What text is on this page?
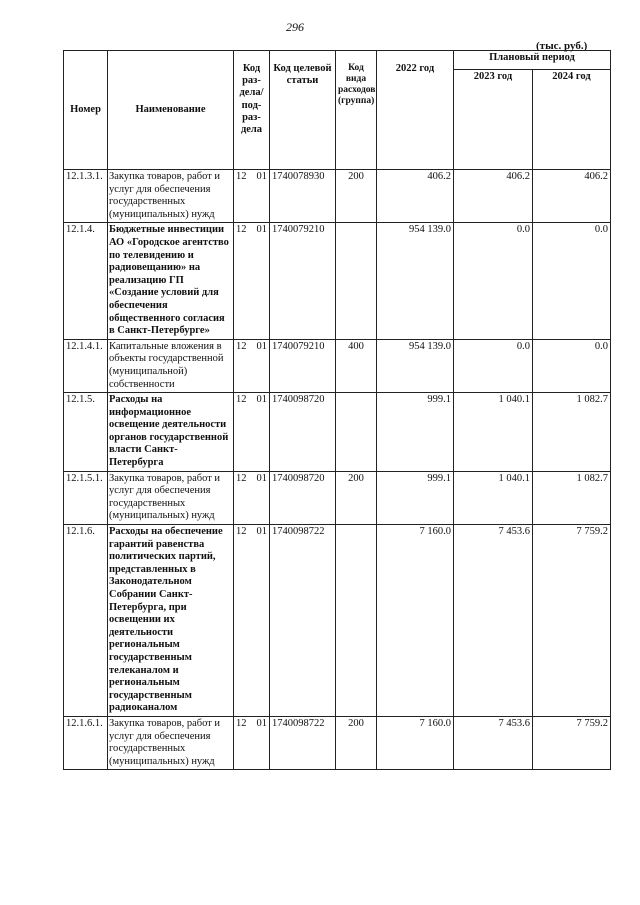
296
(тыс. руб.)
Номер	Наименование	Код раз-дела/ под-раз-дела	Код целевой статьи	Код вида расходов (группа)	2022 год	Плановый период	
						2023 год	2024 год
12.1.3.1.	Закупка товаров, работ и услуг для обеспечения государственных (муниципальных) нужд	12 01	1740078930	200	406.2	406.2	406.2
12.1.4.	Бюджетные инвестиции АО «Городское агентство по телевидению и радиовещанию» на реализацию ГП «Создание условий для обеспечения общественного согласия в Санкт-Петербурге»	12 01	1740079210		954 139.0	0.0	0.0
12.1.4.1.	Капитальные вложения в объекты государственной (муниципальной) собственности	12 01	1740079210	400	954 139.0	0.0	0.0
12.1.5.	Расходы на информационное освещение деятельности органов государственной власти Санкт-Петербурга	12 01	1740098720		999.1	1 040.1	1 082.7
12.1.5.1.	Закупка товаров, работ и услуг для обеспечения государственных (муниципальных) нужд	12 01	1740098720	200	999.1	1 040.1	1 082.7
12.1.6.	Расходы на обеспечение гарантий равенства политических партий, представленных в Законодательном Собрании Санкт-Петербурга, при освещении их деятельности региональным государственным телеканалом и региональным государственным радиоканалом	12 01	1740098722		7 160.0	7 453.6	7 759.2
12.1.6.1.	Закупка товаров, работ и услуг для обеспечения государственных (муниципальных) нужд	12 01	1740098722	200	7 160.0	7 453.6	7 759.2
